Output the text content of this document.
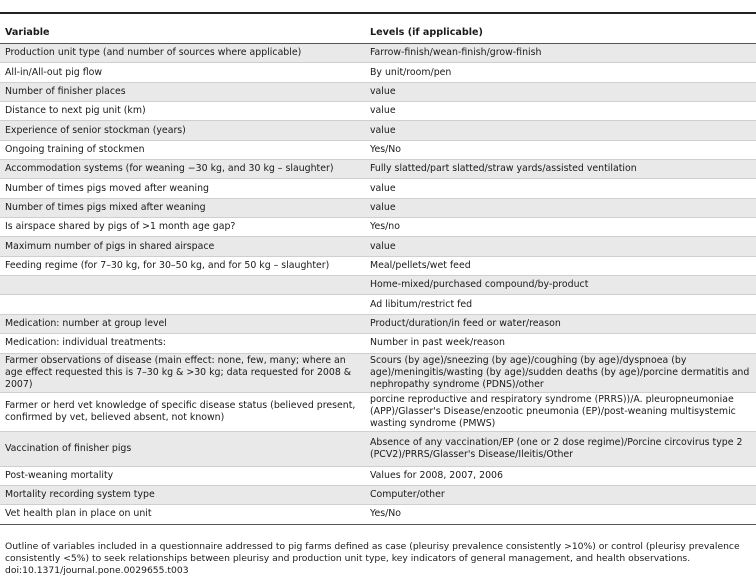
Variable	Levels (if applicable)
Production unit type (and number of sources where applicable)	Farrow-finish/wean-finish/grow-finish
All-in/All-out pig flow	By unit/room/pen
Number of finisher places	value
Distance to next pig unit (km)	value
Experience of senior stockman (years)	value
Ongoing training of stockmen	Yes/No
Accommodation systems (for weaning −30 kg, and 30 kg – slaughter)	Fully slatted/part slatted/straw yards/assisted ventilation
Number of times pigs moved after weaning	value
Number of times pigs mixed after weaning	value
Is airspace shared by pigs of >1 month age gap?	Yes/no
Maximum number of pigs in shared airspace	value
Feeding regime (for 7–30 kg, for 30–50 kg, and for 50 kg – slaughter)	Meal/pellets/wet feed
	Home-mixed/purchased compound/by-product
	Ad libitum/restrict fed
Medication: number at group level	Product/duration/in feed or water/reason
Medication: individual treatments:	Number in past week/reason
Farmer observations of disease (main effect: none, few, many; where an age effect requested this is 7–30 kg & >30 kg; data requested for 2008 & 2007)	Scours (by age)/sneezing (by age)/coughing (by age)/dyspnoea (by age)/meningitis/wasting (by age)/sudden deaths (by age)/porcine dermatitis and nephropathy syndrome (PDNS)/other
Farmer or herd vet knowledge of specific disease status (believed present, confirmed by vet, believed absent, not known)	porcine reproductive and respiratory syndrome (PRRS))/A. pleuropneumoniae (APP)/Glasser's Disease/enzootic pneumonia (EP)/post-weaning multisystemic wasting syndrome (PMWS)
Vaccination of finisher pigs	Absence of any vaccination/EP (one or 2 dose regime)/Porcine circovirus type 2 (PCV2)/PRRS/Glasser's Disease/Ileitis/Other
Post-weaning mortality	Values for 2008, 2007, 2006
Mortality recording system type	Computer/other
Vet health plan in place on unit	Yes/No
Outline of variables included in a questionnaire addressed to pig farms defined as case (pleurisy prevalence consistently >10%) or control (pleurisy prevalence consistently <5%) to seek relationships between pleurisy and production unit type, key indicators of general management, and health observations.
doi:10.1371/journal.pone.0029655.t003
